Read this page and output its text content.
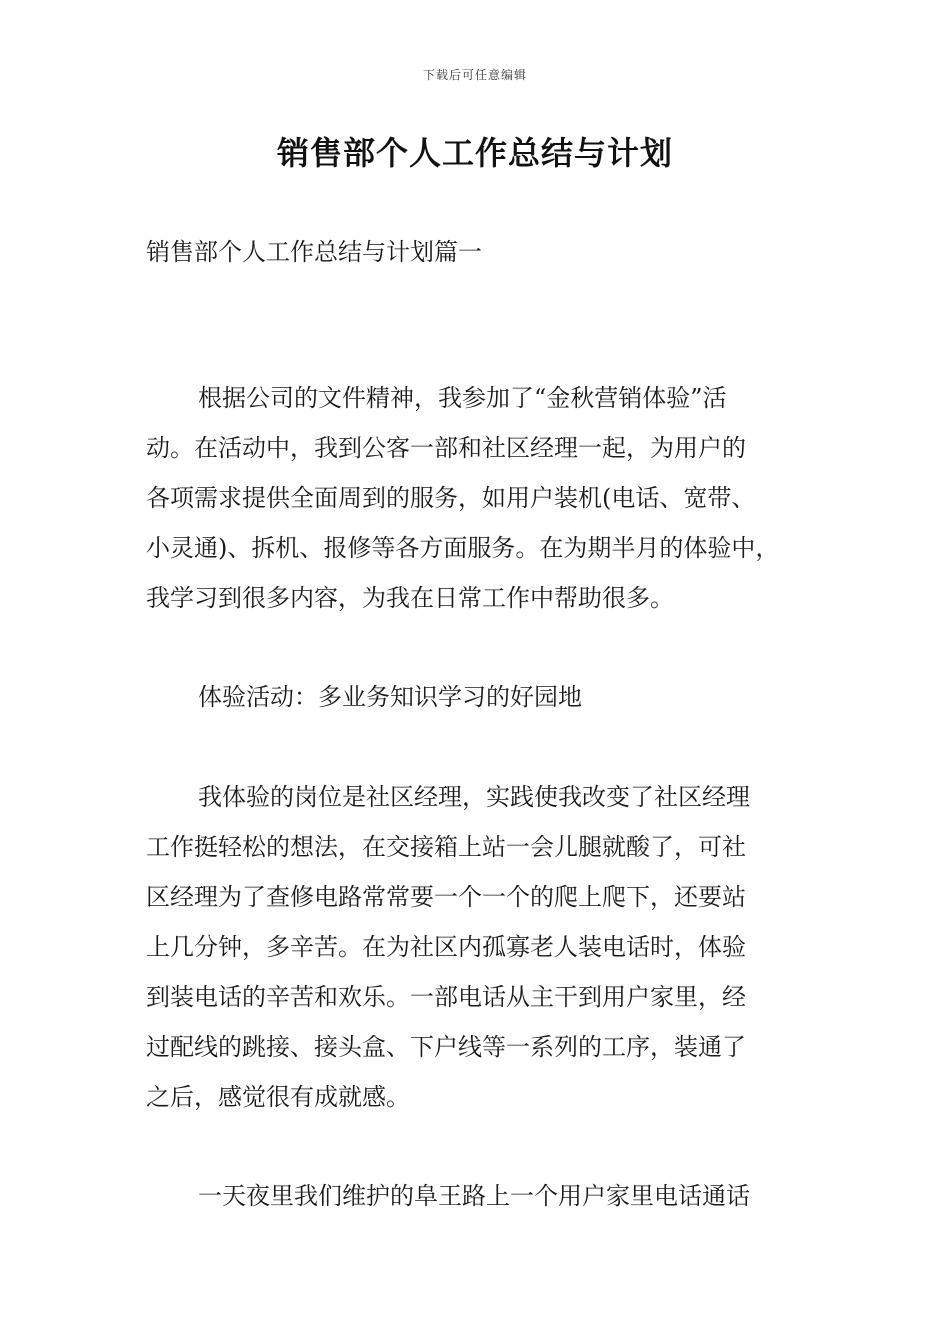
下载后可任意编辑
销售部个人工作总结与计划
销售部个人工作总结与计划篇一
根据公司的文件精神，我参加了“金秋营销体验”活
动。在活动中，我到公客一部和社区经理一起，为用户的
各项需求提供全面周到的服务，如用户装机(电话、宽带、
小灵通)、拆机、报修等各方面服务。在为期半月的体验中，
我学习到很多内容，为我在日常工作中帮助很多。
体验活动：多业务知识学习的好园地
我体验的岗位是社区经理，实践使我改变了社区经理
工作挺轻松的想法，在交接箱上站一会儿腿就酸了，可社
区经理为了查修电路常常要一个一个的爬上爬下，还要站
上几分钟，多辛苦。在为社区内孤寡老人装电话时，体验
到装电话的辛苦和欢乐。一部电话从主干到用户家里，经
过配线的跳接、接头盒、下户线等一系列的工序，装通了
之后，感觉很有成就感。
一天夜里我们维护的阜王路上一个用户家里电话通话
